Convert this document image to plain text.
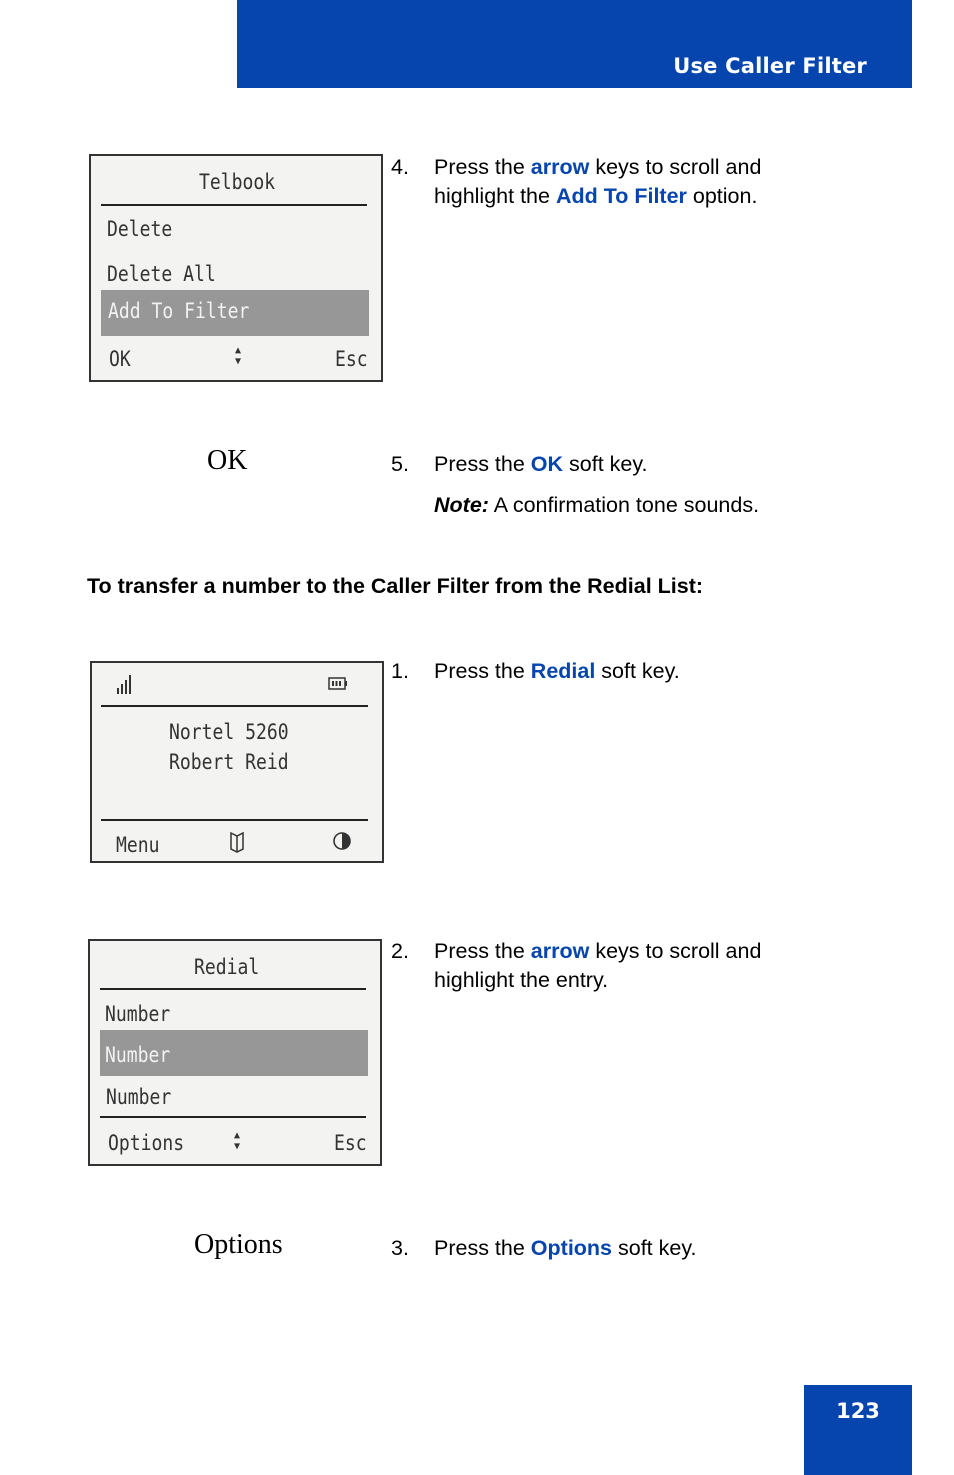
Use Caller Filter
Telbook
Delete
Delete All
Add To Filter
OK	▲
▼	Esc
4. Press the arrow keys to scroll and
highlight the Add To Filter option.
OK	5. Press the OK soft key.
Note: A confirmation tone sounds.
To transfer a number to the Caller Filter from the Redial List:
Nortel 5260
Robert Reid
Menu
1. Press the Redial soft key.
Redial
Number
Number
Number
Options	▲
▼	Esc
2. Press the arrow keys to scroll and
highlight the entry.
Options	3. Press the Options soft key.
123
